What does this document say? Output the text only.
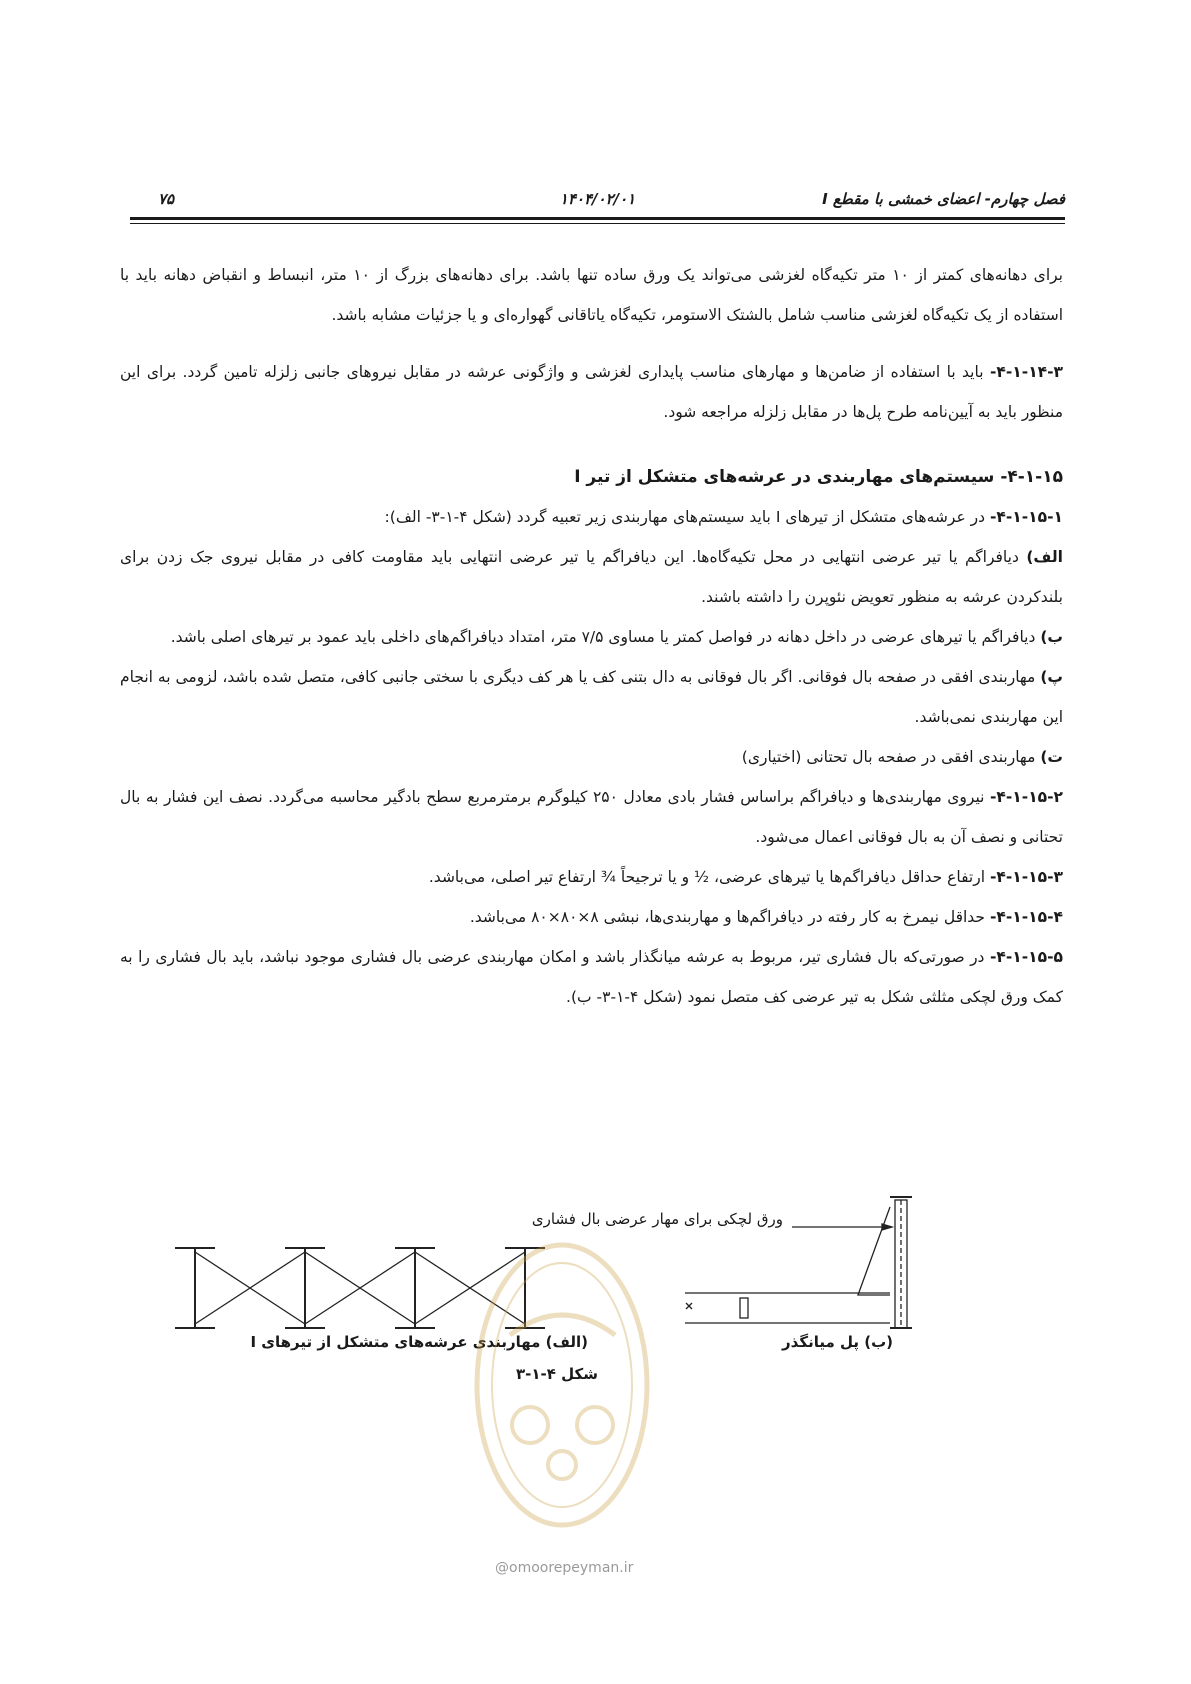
فصل چهارم- اعضای خمشی با مقطع I
۱۴۰۴/۰۲/۰۱
۷۵

برای دهانه‌های کمتر از ۱۰ متر تکیه‌گاه لغزشی می‌تواند یک ورق ساده تنها باشد. برای دهانه‌های بزرگ از ۱۰ متر، انبساط و انقباض دهانه باید با استفاده از یک تکیه‌گاه لغزشی مناسب شامل بالشتک الاستومر، تکیه‌گاه یاتاقانی گهواره‌ای و یا جزئیات مشابه باشد.

۴-۱-۱۴-۳- باید با استفاده از ضامن‌ها و مهارهای مناسب پایداری لغزشی و واژگونی عرشه در مقابل نیروهای جانبی زلزله تامین گردد. برای این منظور باید به آیین‌نامه طرح پل‌ها در مقابل زلزله مراجعه شود.

۴-۱-۱۵- سیستم‌های مهاربندی در عرشه‌های متشکل از تیر I

۴-۱-۱۵-۱- در عرشه‌های متشکل از تیرهای I باید سیستم‌های مهاربندی زیر تعبیه گردد (شکل ۴-۱-۳- الف):

الف) دیافراگم یا تیر عرضی انتهایی در محل تکیه‌گاه‌ها. این دیافراگم یا تیر عرضی انتهایی باید مقاومت کافی در مقابل نیروی جک زدن برای بلندکردن عرشه به منظور تعویض نئوپرن را داشته باشند.

ب) دیافراگم یا تیرهای عرضی در داخل دهانه در فواصل کمتر یا مساوی ۷/۵ متر، امتداد دیافراگم‌های داخلی باید عمود بر تیرهای اصلی باشد.

پ) مهاربندی افقی در صفحه بال فوقانی. اگر بال فوقانی به دال بتنی کف یا هر کف دیگری با سختی جانبی کافی، متصل شده باشد، لزومی به انجام این مهاربندی نمی‌باشد.

ت) مهاربندی افقی در صفحه بال تحتانی (اختیاری)

۴-۱-۱۵-۲- نیروی مهاربندی‌ها و دیافراگم براساس فشار بادی معادل ۲۵۰ کیلوگرم برمترمربع سطح بادگیر محاسبه می‌گردد. نصف این فشار به بال تحتانی و نصف آن به بال فوقانی اعمال می‌شود.

۴-۱-۱۵-۳- ارتفاع حداقل دیافراگم‌ها یا تیرهای عرضی، ½ و یا ترجیحاً ¾ ارتفاع تیر اصلی، می‌باشد.

۴-۱-۱۵-۴- حداقل نیمرخ به کار رفته در دیافراگم‌ها و مهاربندی‌ها، نبشی ۸×۸۰×۸۰ می‌باشد.

۴-۱-۱۵-۵- در صورتی‌که بال فشاری تیر، مربوط به عرشه میانگذار باشد و امکان مهاربندی عرضی بال فشاری موجود نباشد، باید بال فشاری را به کمک ورق لچکی مثلثی شکل به تیر عرضی کف متصل نمود (شکل ۴-۱-۳- ب).

ورق لچکی برای مهار عرضی بال فشاری
(الف) مهاربندی عرشه‌های متشکل از تیرهای I	(ب) پل میانگذر
شکل ۴-۱-۳
@omoorepeyman.ir
